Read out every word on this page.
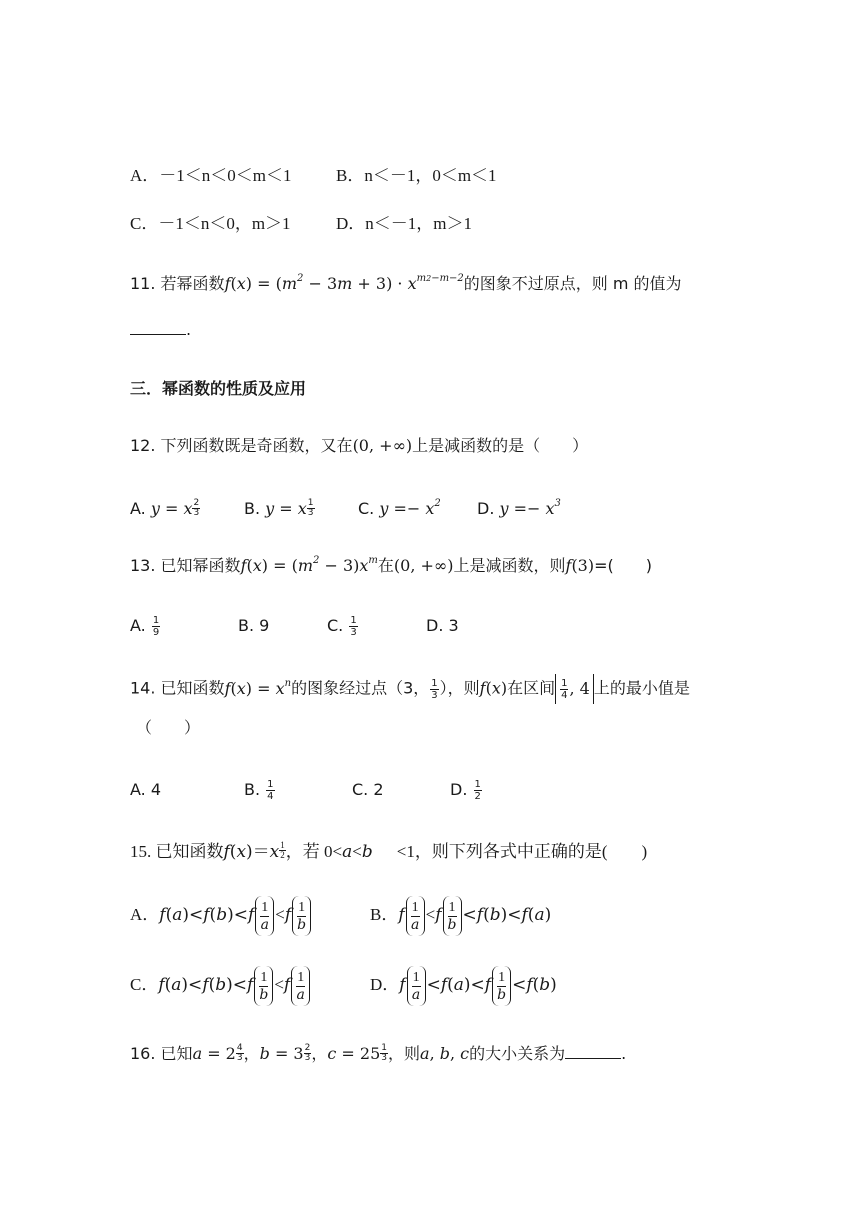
A．－1＜n＜0＜m＜1	B．n＜－1，0＜m＜1
C．－1＜n＜0，m＞1	D．n＜－1，m＞1
11. 若幂函数$f(x) = (m^2 - 3m + 3) \cdot x^{m2-m-2}$的图象不过原点，则 m 的值为
.
三．幂函数的性质及应用
12. 下列函数既是奇函数，又在(0, +∞)上是减函数的是（　　）
A. y = x $\frac{2}{3}$	B. y = x $\frac{1}{3}$	C. $y =- x^2$ D. $y =- x^3$
13. 已知幂函数$f(x) = (m^2 - 3)x^m$在(0, +∞)上是减函数，则f(3)=(　　)
A. $\frac{1}{9}$	B. 9	C. $\frac{1}{3}$	D. 3
14. 已知函数$f(x) = x^n$的图象经过点（3， $\frac{1}{3}$ ），则f(x)在区间 $\frac{1}{4}$ , 4 上的最小值是
（　　）
A. 4	B. $\frac{1}{4}$	C. 2	D. $\frac{1}{2}$
15. 已知函数$f(x)=x \frac{1}{2}$ ，若 0<a<b <1，则下列各式中正确的是(　　)
A．$f(a)<f(b)<f \frac{1}{a} <f \frac{1}{b}$	B．f $\frac{1}{a} <f \frac{1}{b} <f(b)<f(a)$
C．$f(a)<f(b)<f \frac{1}{b} <f \frac{1}{a}$	D．f $\frac{1}{a} <f(a)<f \frac{1}{b} <f(b)$
16. 已知$a = 2 \frac{4}{3}$ ，$b = 3 \frac{2}{3}$ ，$c = 25 \frac{1}{3}$ ，则a, b, c的大小关系为	.
